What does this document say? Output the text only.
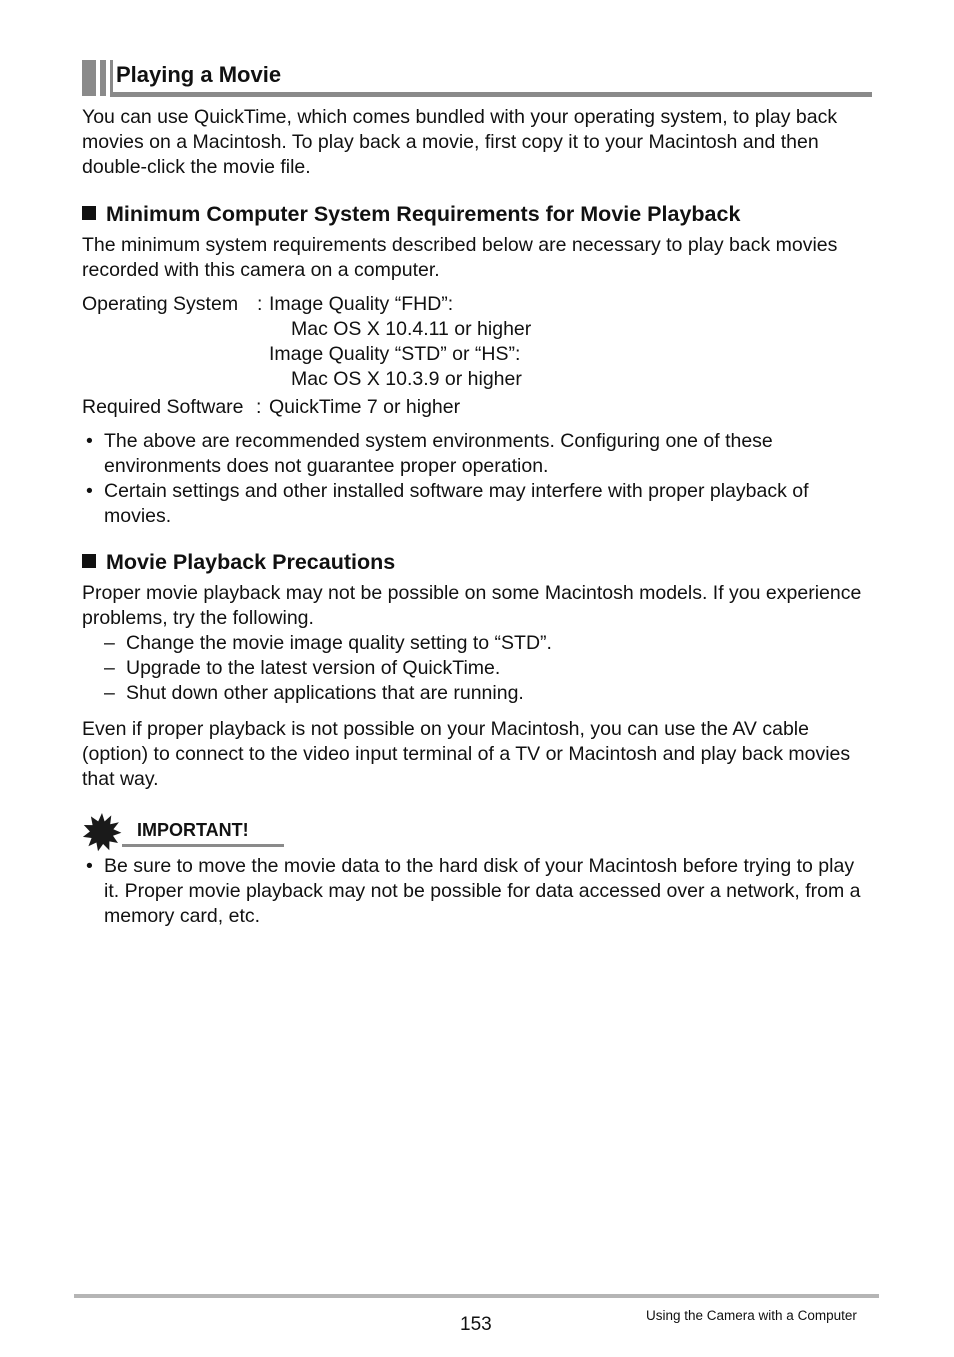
Playing a Movie
You can use QuickTime, which comes bundled with your operating system, to play back movies on a Macintosh. To play back a movie, first copy it to your Macintosh and then double-click the movie file.
Minimum Computer System Requirements for Movie Playback
The minimum system requirements described below are necessary to play back movies recorded with this camera on a computer.
Operating System : Image Quality “FHD”:
Mac OS X 10.4.11 or higher
Image Quality “STD” or “HS”:
Mac OS X 10.3.9 or higher
Required Software : QuickTime 7 or higher
• The above are recommended system environments. Configuring one of these environments does not guarantee proper operation.
• Certain settings and other installed software may interfere with proper playback of movies.
Movie Playback Precautions
Proper movie playback may not be possible on some Macintosh models. If you experience problems, try the following.
– Change the movie image quality setting to “STD”.
– Upgrade to the latest version of QuickTime.
– Shut down other applications that are running.
Even if proper playback is not possible on your Macintosh, you can use the AV cable (option) to connect to the video input terminal of a TV or Macintosh and play back movies that way.
IMPORTANT!
• Be sure to move the movie data to the hard disk of your Macintosh before trying to play it. Proper movie playback may not be possible for data accessed over a network, from a memory card, etc.
153	Using the Camera with a Computer
